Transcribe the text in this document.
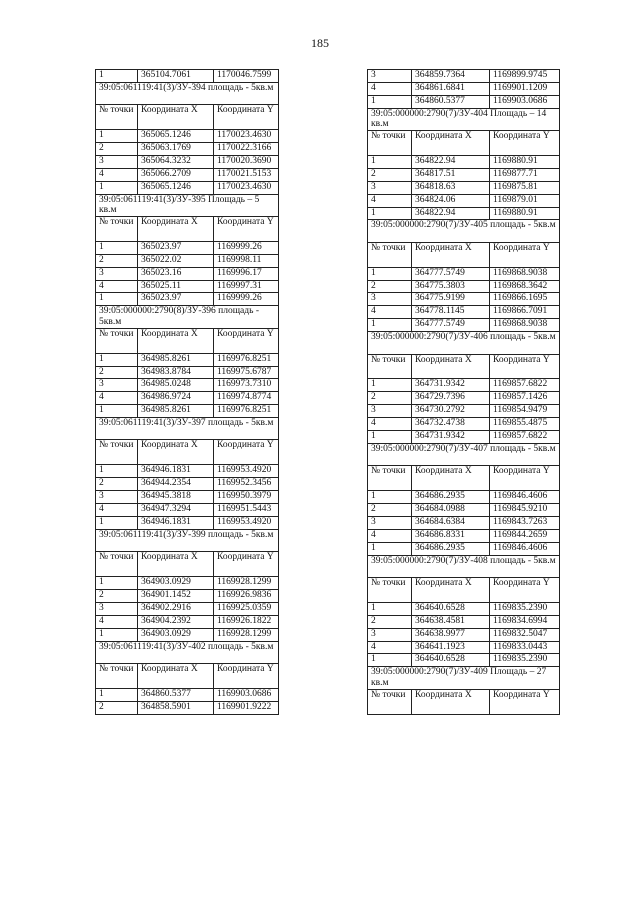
185
1	365104.7061	1170046.7599
39:05:061119:41(3)/ЗУ-394 площадь - 5кв.м		
№ точки	Координата X	Координата Y
1	365065.1246	1170023.4630
2	365063.1769	1170022.3166
3	365064.3232	1170020.3690
4	365066.2709	1170021.5153
1	365065.1246	1170023.4630
39:05:061119:41(3)/ЗУ-395 Площадь – 5 кв.м		
№ точки	Координата X	Координата Y
1	365023.97	1169999.26
2	365022.02	1169998.11
3	365023.16	1169996.17
4	365025.11	1169997.31
1	365023.97	1169999.26
39:05:000000:2790(8)/ЗУ-396 площадь - 5кв.м		
№ точки	Координата X	Координата Y
1	364985.8261	1169976.8251
2	364983.8784	1169975.6787
3	364985.0248	1169973.7310
4	364986.9724	1169974.8774
1	364985.8261	1169976.8251
39:05:061119:41(3)/ЗУ-397 площадь - 5кв.м		
№ точки	Координата X	Координата Y
1	364946.1831	1169953.4920
2	364944.2354	1169952.3456
3	364945.3818	1169950.3979
4	364947.3294	1169951.5443
1	364946.1831	1169953.4920
39:05:061119:41(3)/ЗУ-399 площадь - 5кв.м		
№ точки	Координата X	Координата Y
1	364903.0929	1169928.1299
2	364901.1452	1169926.9836
3	364902.2916	1169925.0359
4	364904.2392	1169926.1822
1	364903.0929	1169928.1299
39:05:061119:41(3)/ЗУ-402 площадь - 5кв.м		
№ точки	Координата X	Координата Y
1	364860.5377	1169903.0686
2	364858.5901	1169901.9222
3	364859.7364	1169899.9745
4	364861.6841	1169901.1209
1	364860.5377	1169903.0686
39:05:000000:2790(7)/ЗУ-404 Площадь – 14 кв.м		
№ точки	Координата X	Координата Y
1	364822.94	1169880.91
2	364817.51	1169877.71
3	364818.63	1169875.81
4	364824.06	1169879.01
1	364822.94	1169880.91
39:05:000000:2790(7)/ЗУ-405 площадь - 5кв.м		
№ точки	Координата X	Координата Y
1	364777.5749	1169868.9038
2	364775.3803	1169868.3642
3	364775.9199	1169866.1695
4	364778.1145	1169866.7091
1	364777.5749	1169868.9038
39:05:000000:2790(7)/ЗУ-406 площадь - 5кв.м		
№ точки	Координата X	Координата Y
1	364731.9342	1169857.6822
2	364729.7396	1169857.1426
3	364730.2792	1169854.9479
4	364732.4738	1169855.4875
1	364731.9342	1169857.6822
39:05:000000:2790(7)/ЗУ-407 площадь - 5кв.м		
№ точки	Координата X	Координата Y
1	364686.2935	1169846.4606
2	364684.0988	1169845.9210
3	364684.6384	1169843.7263
4	364686.8331	1169844.2659
1	364686.2935	1169846.4606
39:05:000000:2790(7)/ЗУ-408 площадь - 5кв.м		
№ точки	Координата X	Координата Y
1	364640.6528	1169835.2390
2	364638.4581	1169834.6994
3	364638.9977	1169832.5047
4	364641.1923	1169833.0443
1	364640.6528	1169835.2390
39:05:000000:2790(7)/ЗУ-409 Площадь – 27 кв.м		
№ точки	Координата X	Координата Y
